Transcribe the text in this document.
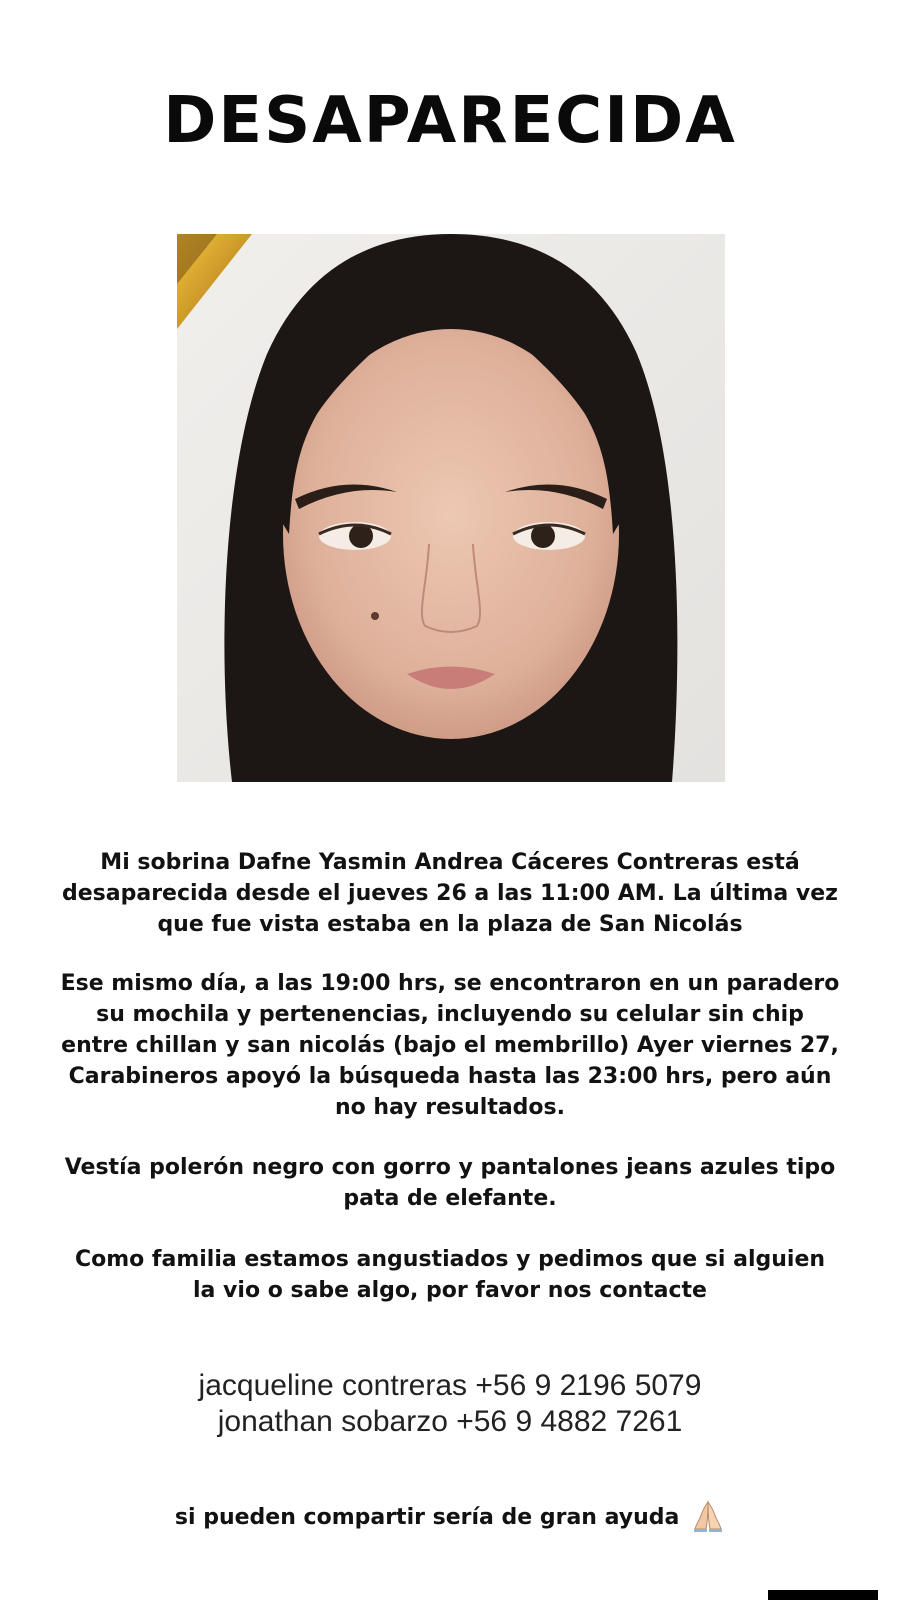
DESAPARECIDA

Mi sobrina Dafne Yasmin Andrea Cáceres Contreras está desaparecida desde el jueves 26 a las 11:00 AM. La última vez que fue vista estaba en la plaza de San Nicolás

Ese mismo día, a las 19:00 hrs, se encontraron en un paradero su mochila y pertenencias, incluyendo su celular sin chip entre chillan y san nicolás (bajo el membrillo) Ayer viernes 27, Carabineros apoyó la búsqueda hasta las 23:00 hrs, pero aún no hay resultados.

Vestía polerón negro con gorro y pantalones jeans azules tipo pata de elefante.

Como familia estamos angustiados y pedimos que si alguien la vio o sabe algo, por favor nos contacte

jacqueline contreras +56 9 2196 5079
jonathan sobarzo +56 9 4882 7261
si pueden compartir sería de gran ayuda
